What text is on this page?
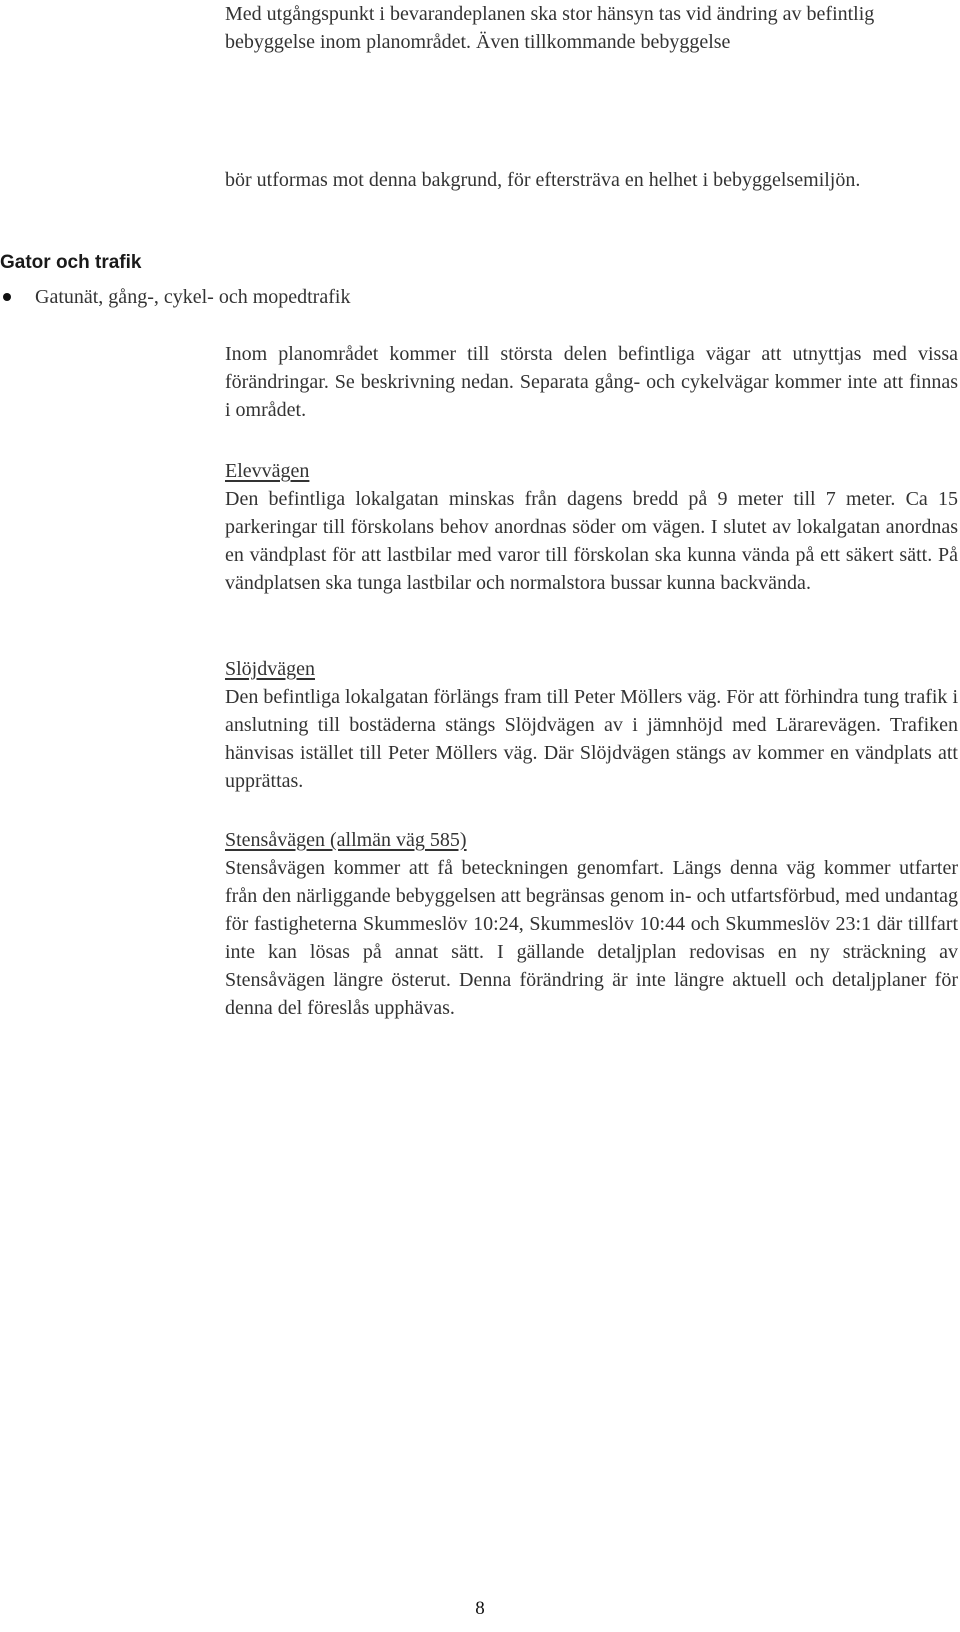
Med utgångspunkt i bevarandeplanen ska stor hänsyn tas vid ändring av befintlig bebyggelse inom planområdet. Även tillkommande bebyggelse

bör utformas mot denna bakgrund, för eftersträva en helhet i bebyggelsemiljön.

Gator och trafik
Gatunät, gång-, cykel- och mopedtrafik

Inom planområdet kommer till största delen befintliga vägar att utnyttjas med vissa förändringar. Se beskrivning nedan. Separata gång- och cykelvägar kommer inte att finnas i området.

Elevvägen

Den befintliga lokalgatan minskas från dagens bredd på 9 meter till 7 meter. Ca 15 parkeringar till förskolans behov anordnas söder om vägen. I slutet av lokalgatan anordnas en vändplast för att lastbilar med varor till förskolan ska kunna vända på ett säkert sätt. På vändplatsen ska tunga lastbilar och normalstora bussar kunna backvända.

Slöjdvägen

Den befintliga lokalgatan förlängs fram till Peter Möllers väg. För att förhindra tung trafik i anslutning till bostäderna stängs Slöjdvägen av i jämnhöjd med Lärarevägen. Trafiken hänvisas istället till Peter Möllers väg. Där Slöjdvägen stängs av kommer en vändplats att upprättas.

Stensåvägen (allmän väg 585)

Stensåvägen kommer att få beteckningen genomfart. Längs denna väg kommer utfarter från den närliggande bebyggelsen att begränsas genom in- och utfartsförbud, med undantag för fastigheterna Skummeslöv 10:24, Skummeslöv 10:44 och Skummeslöv 23:1 där tillfart inte kan lösas på annat sätt. I gällande detaljplan redovisas en ny sträckning av Stensåvägen längre österut. Denna förändring är inte längre aktuell och detaljplaner för denna del föreslås upphävas.

8
